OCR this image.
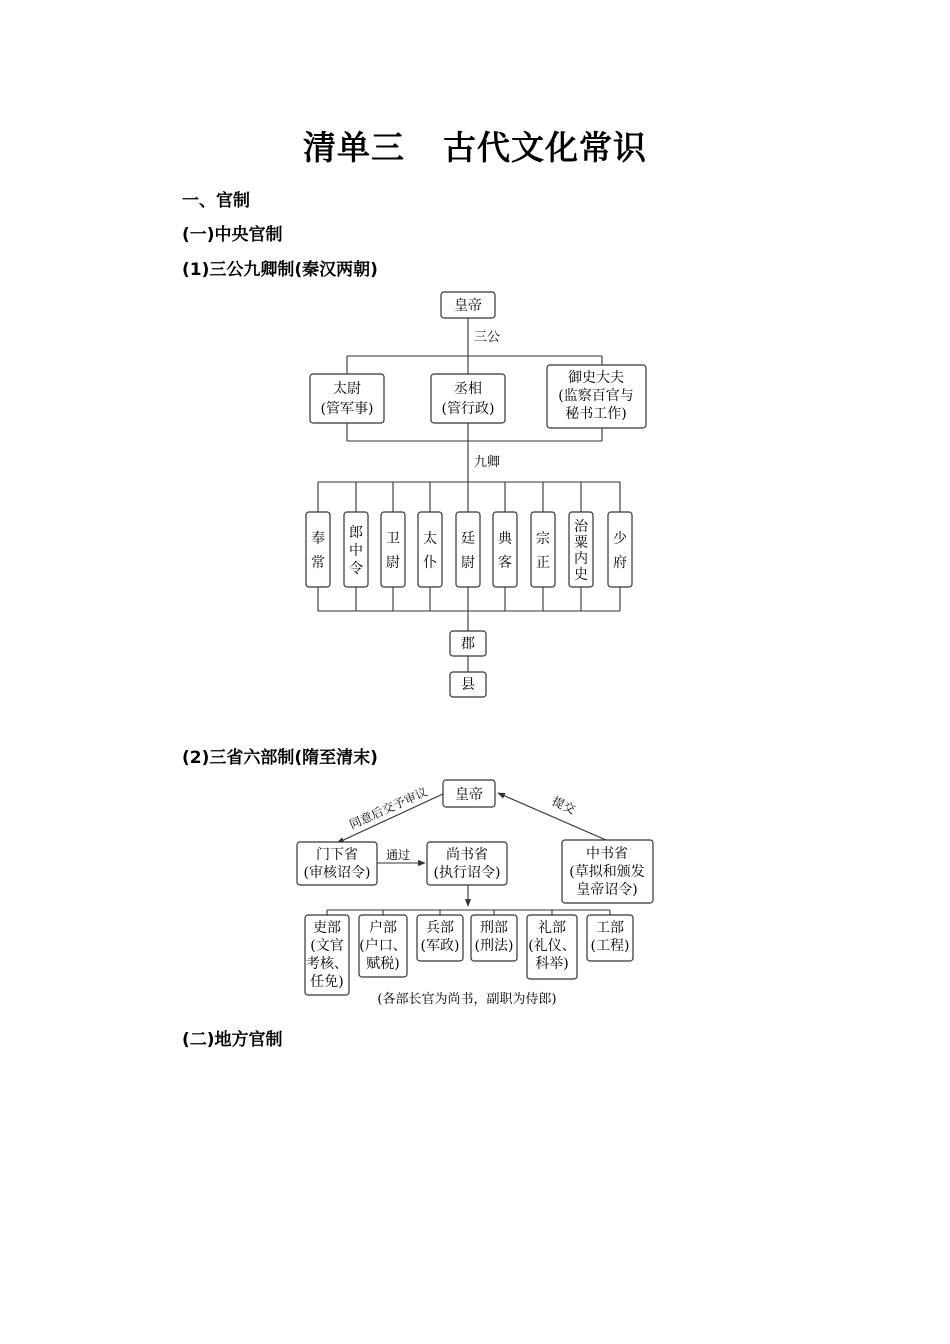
清单三 古代文化常识
一、官制
(一)中央官制
(1)三公九卿制(秦汉两朝)
皇帝
三公
九卿
太尉
(管军事)
丞相
(管行政)
御史大夫
(监察百官与
秘书工作)
奉
常
郎
中
令
卫
尉
太
仆
廷
尉
典
客
宗
正
治
粟
内
史
少
府
郡
县
(2)三省六部制(隋至清末)
同意后交予审议	提交
通过
皇帝
门下省
(审核诏令)
尚书省
(执行诏令)
中书省
(草拟和颁发
皇帝诏令)
吏部
(文官
考核、
任免)
户部
(户口、
赋税)
兵部
(军政)
刑部
(刑法)
礼部
(礼仪、
科举)
工部
(工程)
(各部长官为尚书，副职为侍郎)
(二)地方官制
